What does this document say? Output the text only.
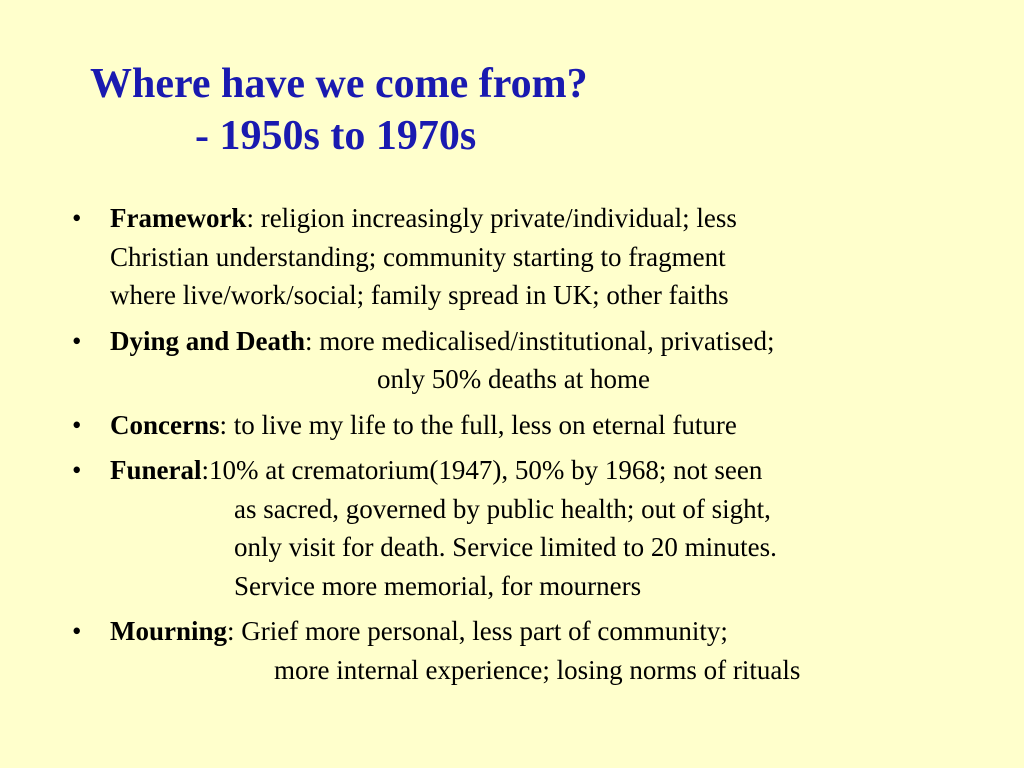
Where have we come from?
- 1950s to 1970s
•	Framework: religion increasingly private/individual; less
Christian understanding; community starting to fragment
where live/work/social; family spread in UK; other faiths
•	Dying and Death: more medicalised/institutional, privatised;
only 50% deaths at home
•	Concerns: to live my life to the full, less on eternal future
•	Funeral:10% at crematorium(1947), 50% by 1968; not seen
as sacred, governed by public health; out of sight,
only visit for death. Service limited to 20 minutes.
Service more memorial, for mourners
•	Mourning: Grief more personal, less part of community;
more internal experience; losing norms of rituals
